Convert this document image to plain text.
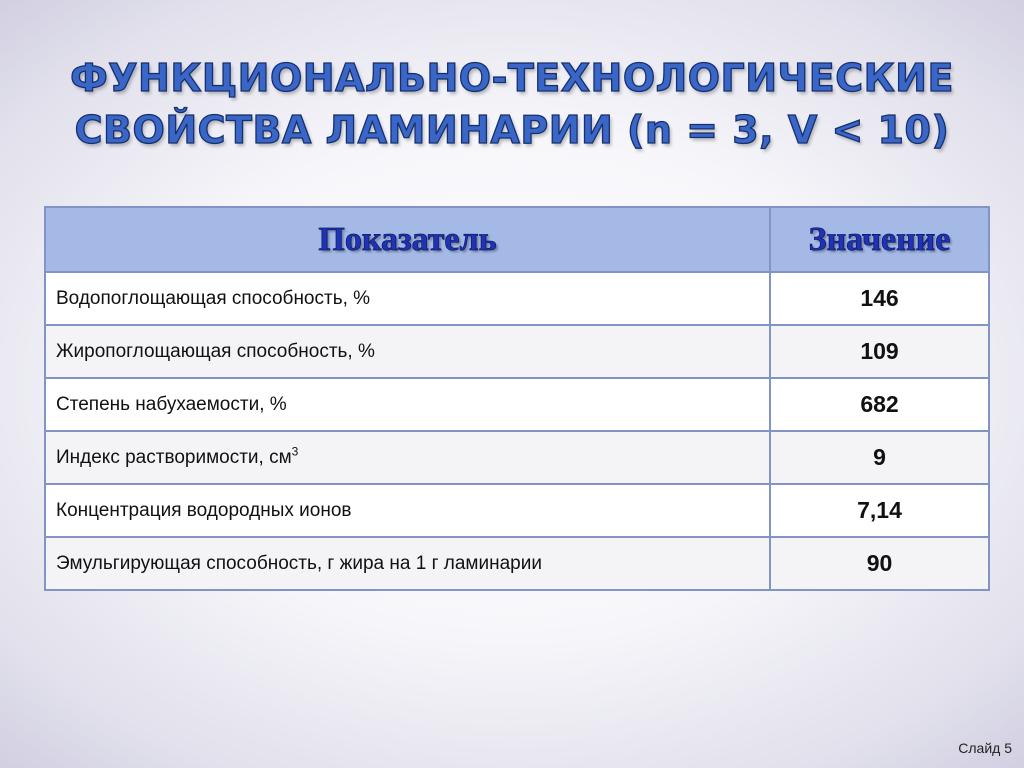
ФУНКЦИОНАЛЬНО-ТЕХНОЛОГИЧЕСКИЕ
СВОЙСТВА ЛАМИНАРИИ (n = 3, V < 10)
Показатель	Значение
Водопоглощающая способность, %	146
Жиропоглощающая способность, %	109
Степень набухаемости, %	682
Индекс растворимости, $см^3$	9
Концентрация водородных ионов	7,14
Эмульгирующая способность, г жира на 1 г ламинарии	90
Слайд 5
